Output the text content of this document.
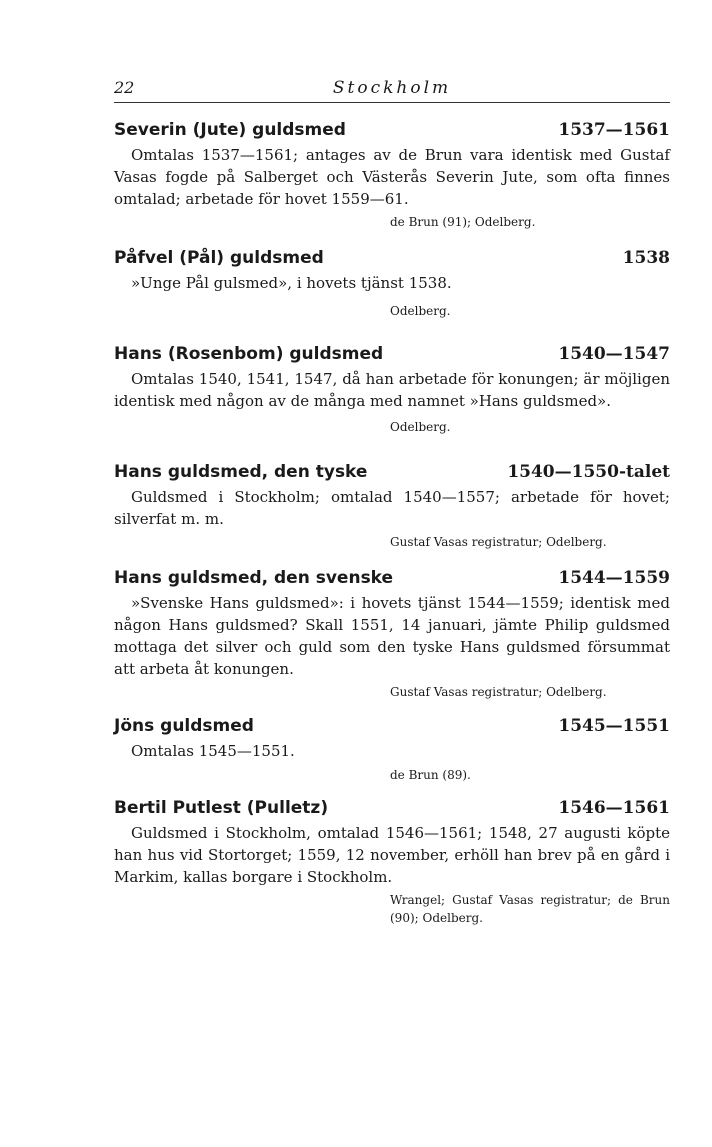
22	Stockholm
Severin (Jute) guldsmed	1537—1561

Omtalas 1537—1561; antages av de Brun vara identisk med Gustaf Vasas fogde på Salberget och Västerås Severin Jute, som ofta finnes omtalad; arbetade för hovet 1559—61.

de Brun (91); Odelberg.
Påfvel (Pål) guldsmed	1538

»Unge Pål gulsmed», i hovets tjänst 1538.

Odelberg.
Hans (Rosenbom) guldsmed	1540—1547

Omtalas 1540, 1541, 1547, då han arbetade för konungen; är möjligen identisk med någon av de många med namnet »Hans guldsmed».

Odelberg.
Hans guldsmed, den tyske	1540—1550-talet

Guldsmed i Stockholm; omtalad 1540—1557; arbetade för hovet; silverfat m. m.

Gustaf Vasas registratur; Odelberg.
Hans guldsmed, den svenske	1544—1559

»Svenske Hans guldsmed»: i hovets tjänst 1544—1559; identisk med någon Hans guldsmed? Skall 1551, 14 januari, jämte Philip guldsmed mottaga det silver och guld som den tyske Hans guldsmed försummat att arbeta åt konungen.

Gustaf Vasas registratur; Odelberg.
Jöns guldsmed	1545—1551

Omtalas 1545—1551.

de Brun (89).
Bertil Putlest (Pulletz)	1546—1561

Guldsmed i Stockholm, omtalad 1546—1561; 1548, 27 augusti köpte han hus vid Stortorget; 1559, 12 november, erhöll han brev på en gård i Markim, kallas borgare i Stockholm.

Wrangel; Gustaf Vasas registratur; de Brun (90); Odelberg.
